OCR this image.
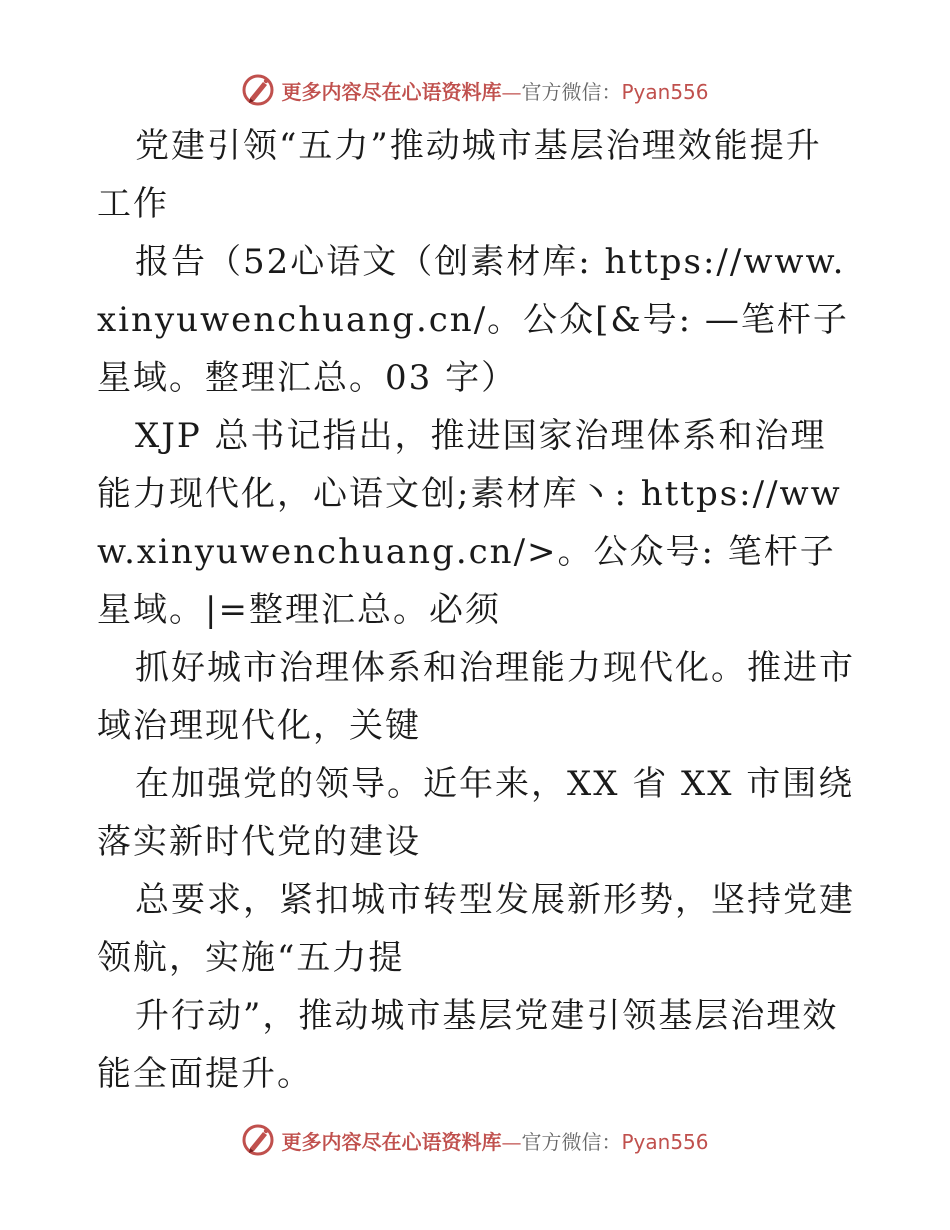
更多内容尽在心语资料库—官方微信：Pyan556

党建引领“五力”推动城市基层治理效能提升工作

报告（52心语文（创素材库: https://www.xinyuwenchuang.cn/。公众[&号: —笔杆子星域。整理汇总。03 字）

XJP 总书记指出，推进国家治理体系和治理能力现代化，心语文创;素材库丶: https://www.xinyuwenchuang.cn/>。公众号: 笔杆子星域。|=整理汇总。必须

抓好城市治理体系和治理能力现代化。推进市域治理现代化，关键

在加强党的领导。近年来，XX 省 XX 市围绕落实新时代党的建设

总要求，紧扣城市转型发展新形势，坚持党建领航，实施“五力提

升行动”，推动城市基层党建引领基层治理效能全面提升。

更多内容尽在心语资料库—官方微信：Pyan556
